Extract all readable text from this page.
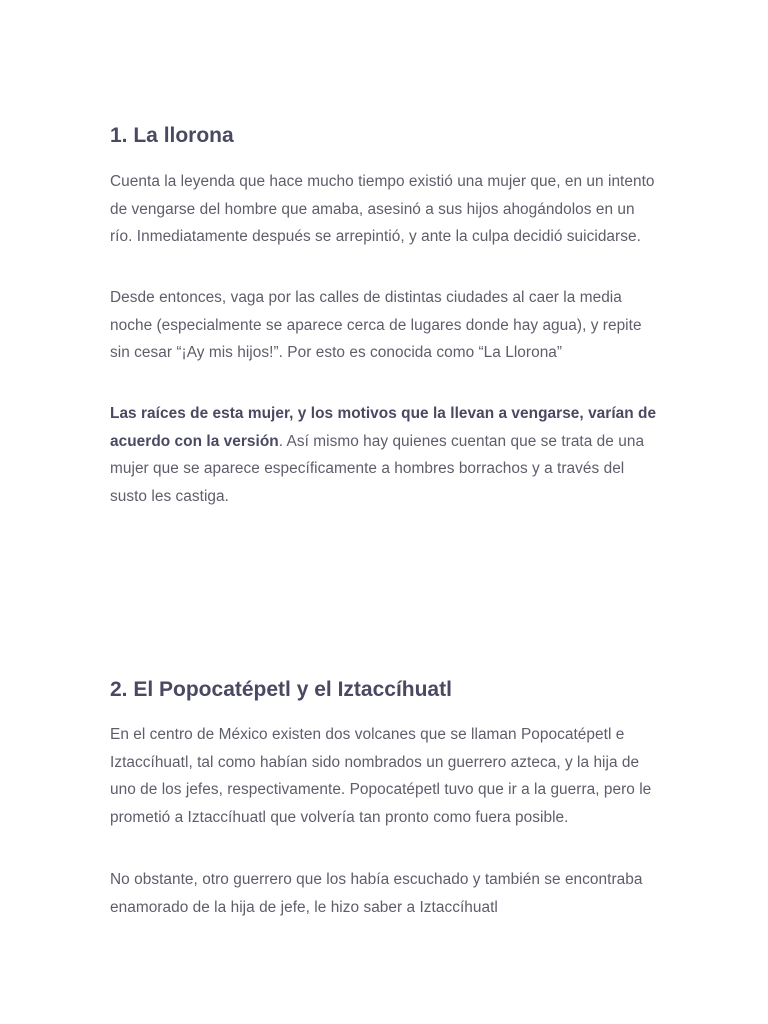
1. La llorona

Cuenta la leyenda que hace mucho tiempo existió una mujer que, en un intento de vengarse del hombre que amaba, asesinó a sus hijos ahogándolos en un río. Inmediatamente después se arrepintió, y ante la culpa decidió suicidarse.

Desde entonces, vaga por las calles de distintas ciudades al caer la media noche (especialmente se aparece cerca de lugares donde hay agua), y repite sin cesar “¡Ay mis hijos!”. Por esto es conocida como “La Llorona”

Las raíces de esta mujer, y los motivos que la llevan a vengarse, varían de acuerdo con la versión. Así mismo hay quienes cuentan que se trata de una mujer que se aparece específicamente a hombres borrachos y a través del susto les castiga.

2. El Popocatépetl y el Iztaccíhuatl

En el centro de México existen dos volcanes que se llaman Popocatépetl e Iztaccíhuatl, tal como habían sido nombrados un guerrero azteca, y la hija de uno de los jefes, respectivamente. Popocatépetl tuvo que ir a la guerra, pero le prometió a Iztaccíhuatl que volvería tan pronto como fuera posible.

No obstante, otro guerrero que los había escuchado y también se encontraba enamorado de la hija de jefe, le hizo saber a Iztaccíhuatl
